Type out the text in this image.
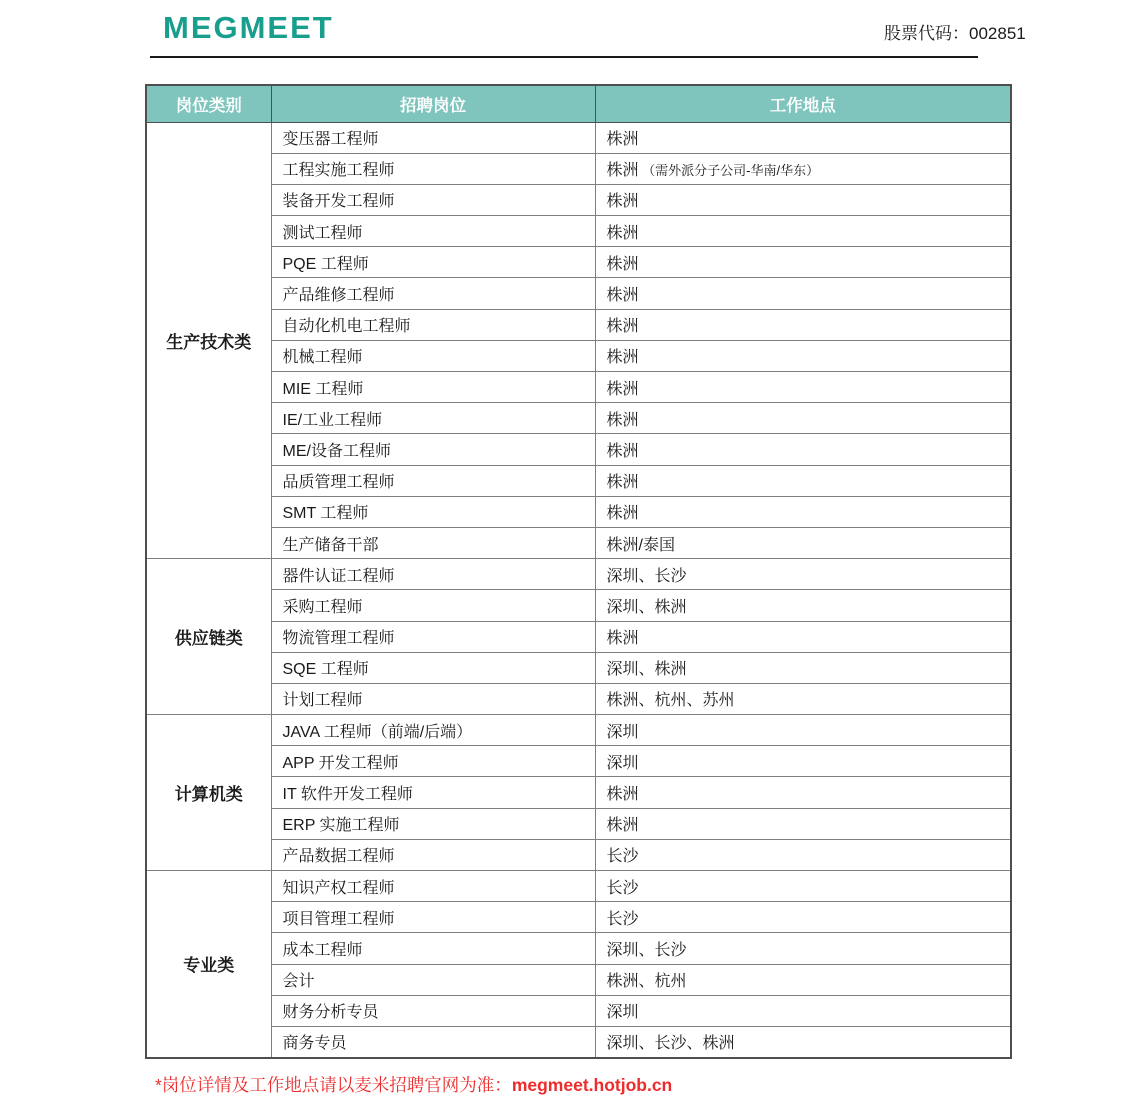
MEGMEET	股票代码：002851
岗位类别	招聘岗位	工作地点
生产技术类	变压器工程师	株洲
	工程实施工程师	株洲 （需外派分子公司-华南/华东）
	装备开发工程师	株洲
	测试工程师	株洲
	PQE 工程师	株洲
	产品维修工程师	株洲
	自动化机电工程师	株洲
	机械工程师	株洲
	MIE 工程师	株洲
	IE/工业工程师	株洲
	ME/设备工程师	株洲
	品质管理工程师	株洲
	SMT 工程师	株洲
	生产储备干部	株洲/泰国
供应链类	器件认证工程师	深圳、长沙
	采购工程师	深圳、株洲
	物流管理工程师	株洲
	SQE 工程师	深圳、株洲
	计划工程师	株洲、杭州、苏州
计算机类	JAVA 工程师（前端/后端）	深圳
	APP 开发工程师	深圳
	IT 软件开发工程师	株洲
	ERP 实施工程师	株洲
	产品数据工程师	长沙
专业类	知识产权工程师	长沙
	项目管理工程师	长沙
	成本工程师	深圳、长沙
	会计	株洲、杭州
	财务分析专员	深圳
	商务专员	深圳、长沙、株洲
*岗位详情及工作地点请以麦米招聘官网为准：megmeet.hotjob.cn
